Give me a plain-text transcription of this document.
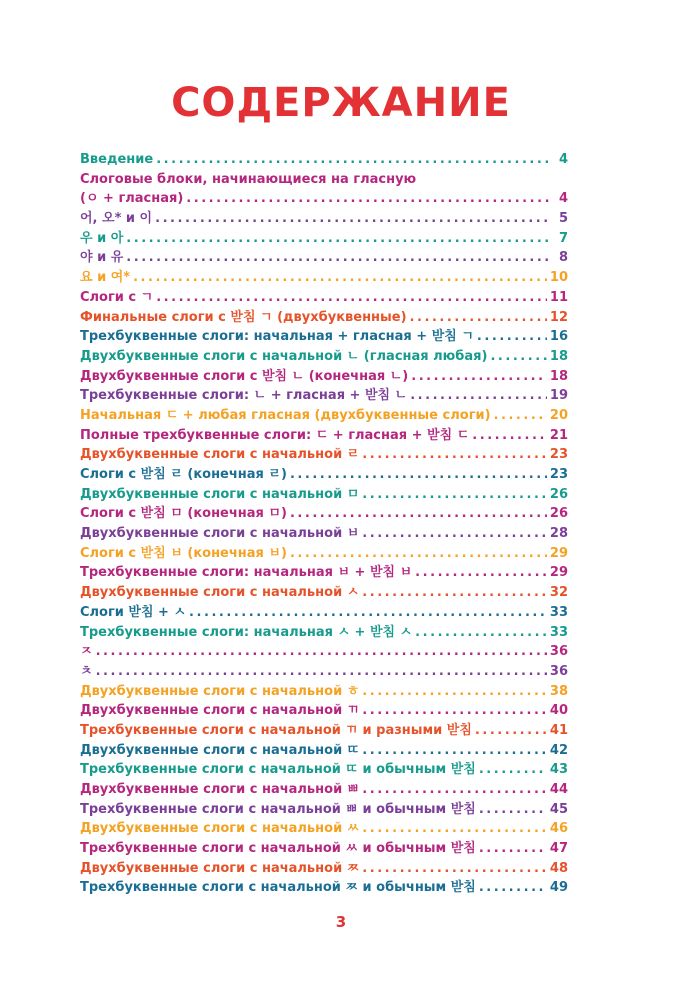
СОДЕРЖАНИЕ
Введение . . .	4
Слоговые блоки, начинающиеся на гласную
(ㅇ + гласная) . . .	4
어, 오* и 이 . . .	5
우 и 아 . . .	7
야 и 유 . . .	8
요 и 여* . . .	10
Слоги с ㄱ . . .	11
Финальные слоги с 받침 ㄱ (двухбуквенные) . . .	12
Трехбуквенные слоги: начальная + гласная + 받침 ㄱ . . .	16
Двухбуквенные слоги с начальной ㄴ (гласная любая) . . .	18
Двухбуквенные слоги с 받침 ㄴ (конечная ㄴ) . . .	18
Трехбуквенные слоги: ㄴ + гласная + 받침 ㄴ . . .	19
Начальная ㄷ + любая гласная (двухбуквенные слоги) . . .	20
Полные трехбуквенные слоги: ㄷ + гласная + 받침 ㄷ . . .	21
Двухбуквенные слоги с начальной ㄹ . . .	23
Слоги с 받침 ㄹ (конечная ㄹ) . . .	23
Двухбуквенные слоги с начальной ㅁ . . .	26
Слоги с 받침 ㅁ (конечная ㅁ) . . .	26
Двухбуквенные слоги с начальной ㅂ . . .	28
Слоги с 받침 ㅂ (конечная ㅂ) . . .	29
Трехбуквенные слоги: начальная ㅂ + 받침 ㅂ . . .	29
Двухбуквенные слоги с начальной ㅅ . . .	32
Слоги 받침 + ㅅ . . .	33
Трехбуквенные слоги: начальная ㅅ + 받침 ㅅ . . .	33
ㅈ . . .	36
ㅊ . . .	36
Двухбуквенные слоги с начальной ㅎ . . .	38
Двухбуквенные слоги с начальной ㄲ . . .	40
Трехбуквенные слоги с начальной ㄲ и разными 받침 . . .	41
Двухбуквенные слоги с начальной ㄸ . . .	42
Трехбуквенные слоги с начальной ㄸ и обычным 받침 . . .	43
Двухбуквенные слоги с начальной ㅃ . . .	44
Трехбуквенные слоги с начальной ㅃ и обычным 받침 . . .	45
Двухбуквенные слоги с начальной ㅆ . . .	46
Трехбуквенные слоги с начальной ㅆ и обычным 받침 . . .	47
Двухбуквенные слоги с начальной ㅉ . . .	48
Трехбуквенные слоги с начальной ㅉ и обычным 받침 . . .	49
3
